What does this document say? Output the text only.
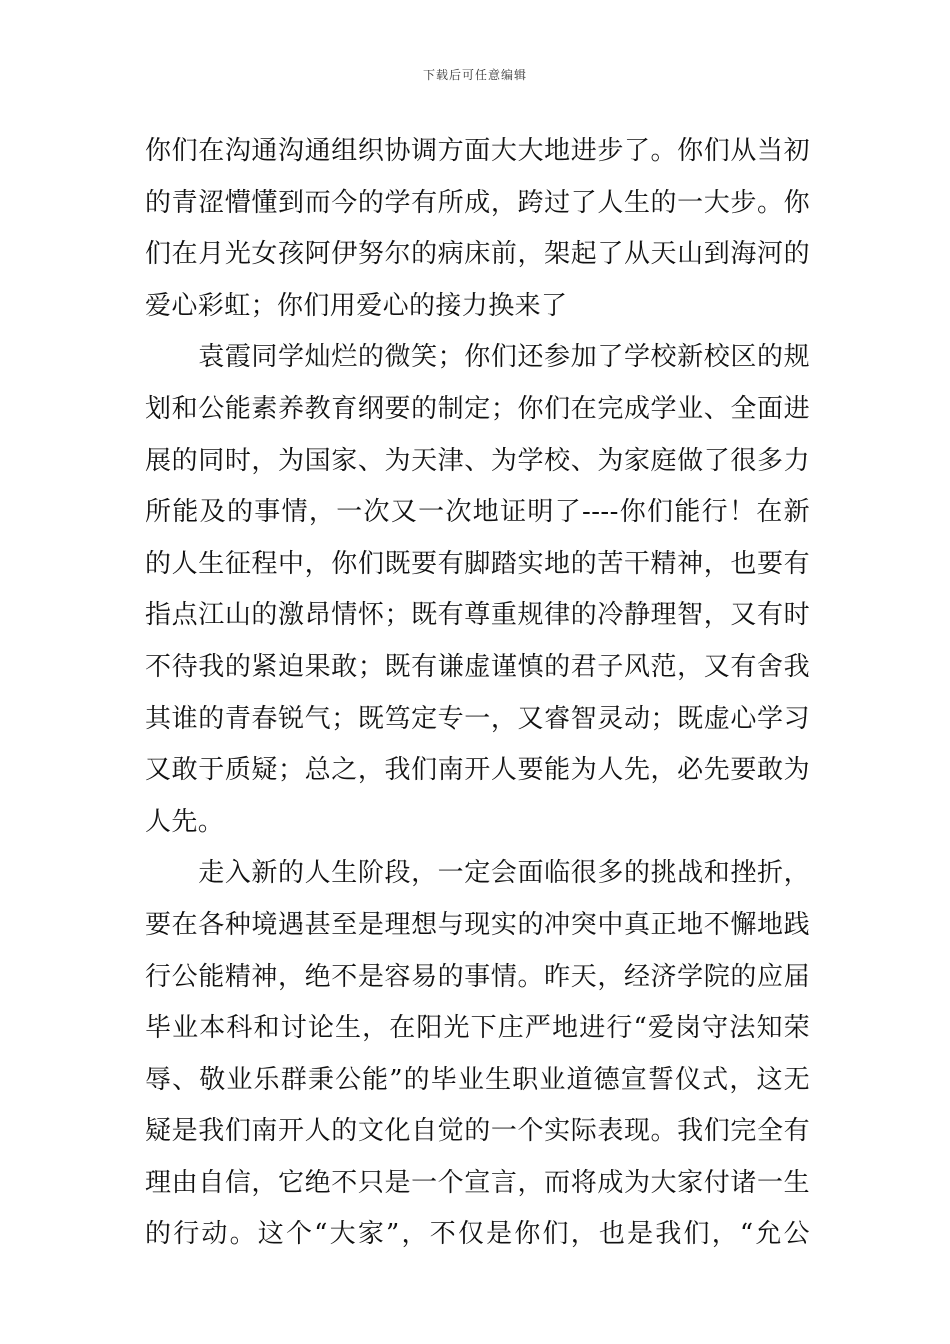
下载后可任意编辑
你们在沟通沟通组织协调方面大大地进步了。你们从当初
的青涩懵懂到而今的学有所成，跨过了人生的一大步。你
们在月光女孩阿伊努尔的病床前，架起了从天山到海河的
爱心彩虹；你们用爱心的接力换来了
　　袁霞同学灿烂的微笑；你们还参加了学校新校区的规
划和公能素养教育纲要的制定；你们在完成学业、全面进
展的同时，为国家、为天津、为学校、为家庭做了很多力
所能及的事情，一次又一次地证明了----你们能行！在新
的人生征程中，你们既要有脚踏实地的苦干精神，也要有
指点江山的激昂情怀；既有尊重规律的冷静理智，又有时
不待我的紧迫果敢；既有谦虚谨慎的君子风范，又有舍我
其谁的青春锐气；既笃定专一，又睿智灵动；既虚心学习
又敢于质疑；总之，我们南开人要能为人先，必先要敢为
人先。
　　走入新的人生阶段，一定会面临很多的挑战和挫折，
要在各种境遇甚至是理想与现实的冲突中真正地不懈地践
行公能精神，绝不是容易的事情。昨天，经济学院的应届
毕业本科和讨论生，在阳光下庄严地进行“爱岗守法知荣
辱、敬业乐群秉公能”的毕业生职业道德宣誓仪式，这无
疑是我们南开人的文化自觉的一个实际表现。我们完全有
理由自信，它绝不只是一个宣言，而将成为大家付诸一生
的行动。这个“大家”，不仅是你们，也是我们，“允公
